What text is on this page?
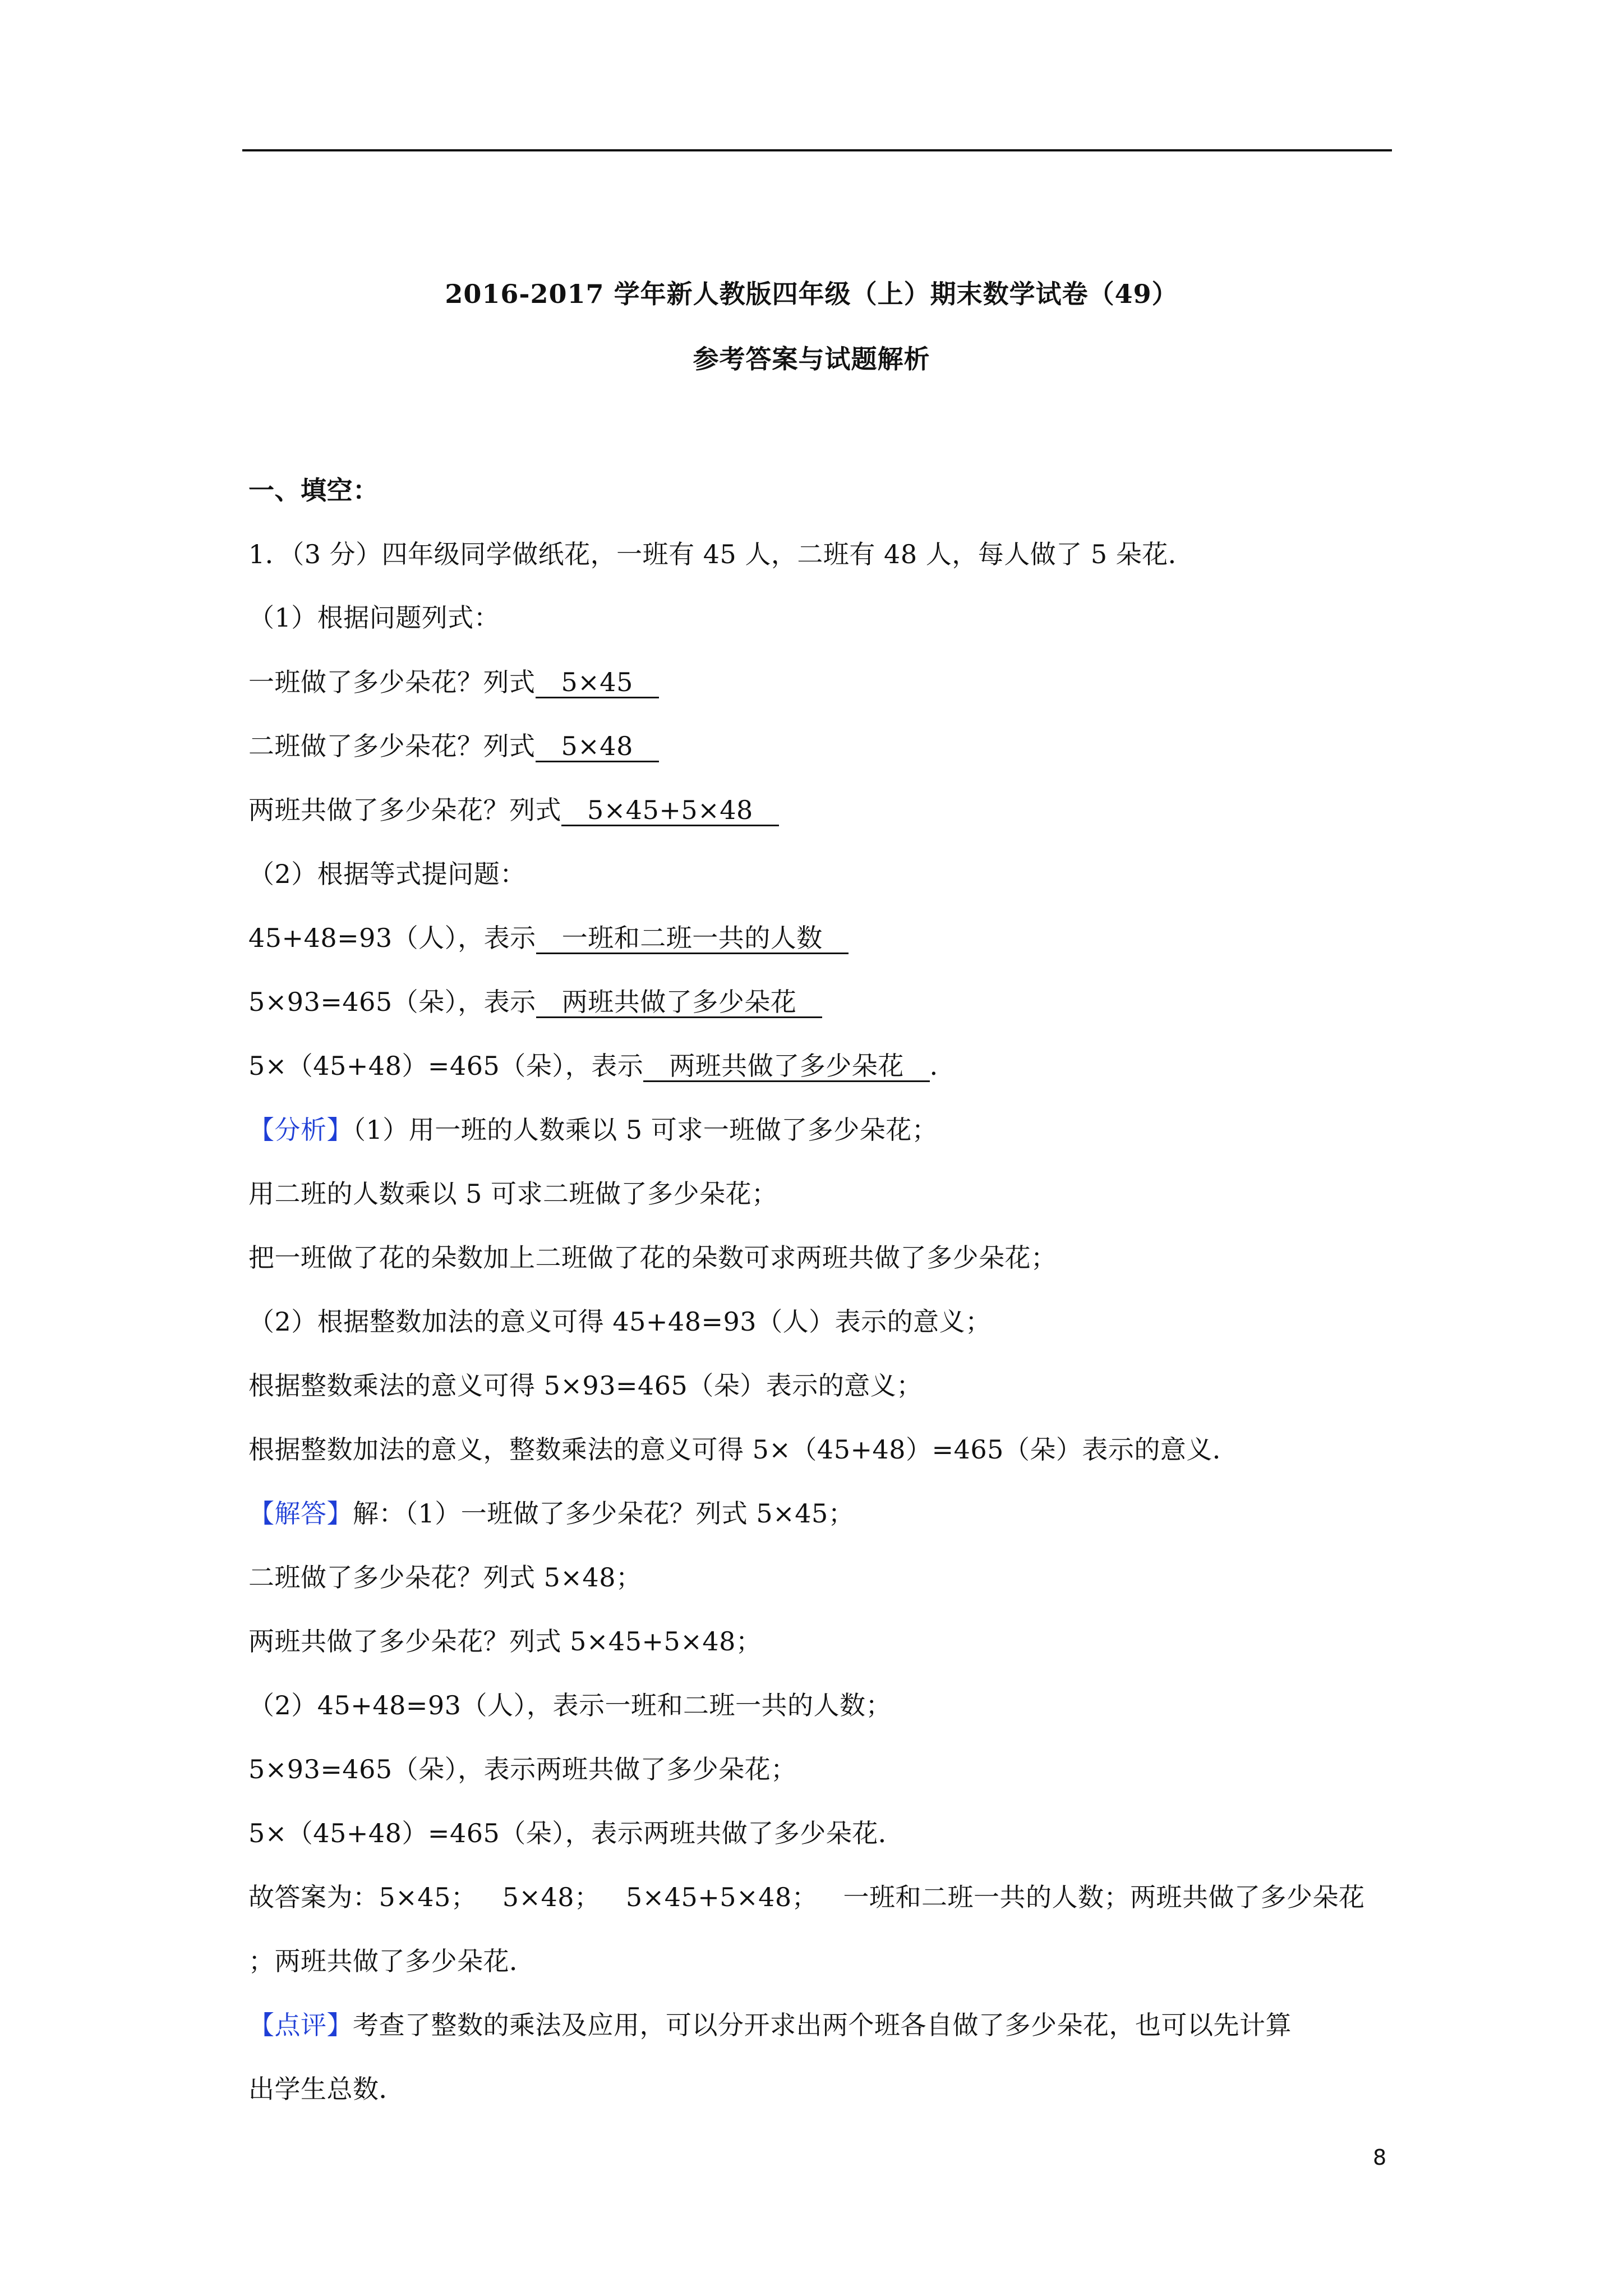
2016-2017 学年新人教版四年级（上）期末数学试卷（49）
参考答案与试题解析
一、填空：
1．（3 分）四年级同学做纸花，一班有 45 人，二班有 48 人，每人做了 5 朵花．
（1）根据问题列式：
一班做了多少朵花？列式 5×45
二班做了多少朵花？列式 5×48
两班共做了多少朵花？列式 5×45+5×48
（2）根据等式提问题：
45+48=93（人），表示 一班和二班一共的人数
5×93=465（朵），表示 两班共做了多少朵花
5×（45+48）=465（朵），表示 两班共做了多少朵花 ．
【分析】（1）用一班的人数乘以 5 可求一班做了多少朵花；
用二班的人数乘以 5 可求二班做了多少朵花；
把一班做了花的朵数加上二班做了花的朵数可求两班共做了多少朵花；
（2）根据整数加法的意义可得 45+48=93（人）表示的意义；
根据整数乘法的意义可得 5×93=465（朵）表示的意义；
根据整数加法的意义，整数乘法的意义可得 5×（45+48）=465（朵）表示的意义．
【解答】解：（1）一班做了多少朵花？列式 5×45；
二班做了多少朵花？列式 5×48；
两班共做了多少朵花？列式 5×45+5×48；
（2）45+48=93（人），表示一班和二班一共的人数；
5×93=465（朵），表示两班共做了多少朵花；
5×（45+48）=465（朵），表示两班共做了多少朵花．
故答案为：5×45；   5×48；   5×45+5×48；   一班和二班一共的人数；两班共做了多少朵花
；两班共做了多少朵花．
【点评】考查了整数的乘法及应用，可以分开求出两个班各自做了多少朵花，也可以先计算
出学生总数．
8
